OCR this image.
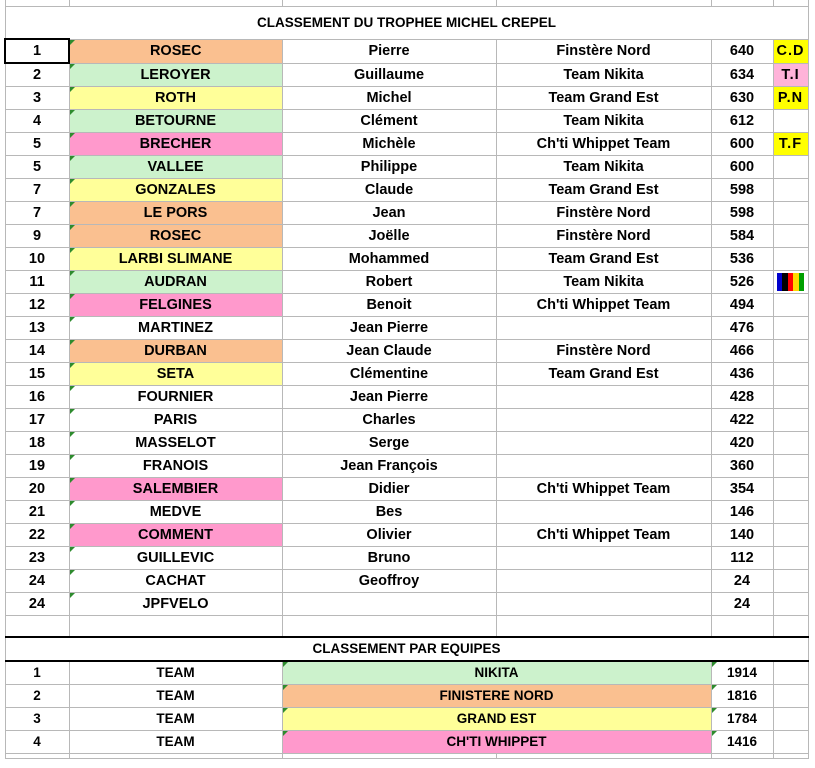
CLASSEMENT DU TROPHEE MICHEL CREPEL					
1	ROSEC	Pierre	Finstère Nord	640	C.D
2	LEROYER	Guillaume	Team Nikita	634	T.I
3	ROTH	Michel	Team Grand Est	630	P.N
4	BETOURNE	Clément	Team Nikita	612	
5	BRECHER	Michèle	Ch'ti Whippet Team	600	T.F
5	VALLEE	Philippe	Team Nikita	600	
7	GONZALES	Claude	Team Grand Est	598	
7	LE PORS	Jean	Finstère Nord	598	
9	ROSEC	Joëlle	Finstère Nord	584	
10	LARBI SLIMANE	Mohammed	Team Grand Est	536	
11	AUDRAN	Robert	Team Nikita	526	

12	FELGINES	Benoit	Ch'ti Whippet Team	494	
13	MARTINEZ	Jean Pierre		476	
14	DURBAN	Jean Claude	Finstère Nord	466	
15	SETA	Clémentine	Team Grand Est	436	
16	FOURNIER	Jean Pierre		428	
17	PARIS	Charles		422	
18	MASSELOT	Serge		420	
19	FRANOIS	Jean François		360	
20	SALEMBIER	Didier	Ch'ti Whippet Team	354	
21	MEDVE	Bes		146	
22	COMMENT	Olivier	Ch'ti Whippet Team	140	
23	GUILLEVIC	Bruno		112	
24	CACHAT	Geoffroy		24	
24	JPFVELO			24	

CLASSEMENT PAR EQUIPES					
1	TEAM	NIKITA		1914	
2	TEAM	FINISTERE NORD		1816	
3	TEAM	GRAND EST		1784	
4	TEAM	CH'TI WHIPPET		1416	
